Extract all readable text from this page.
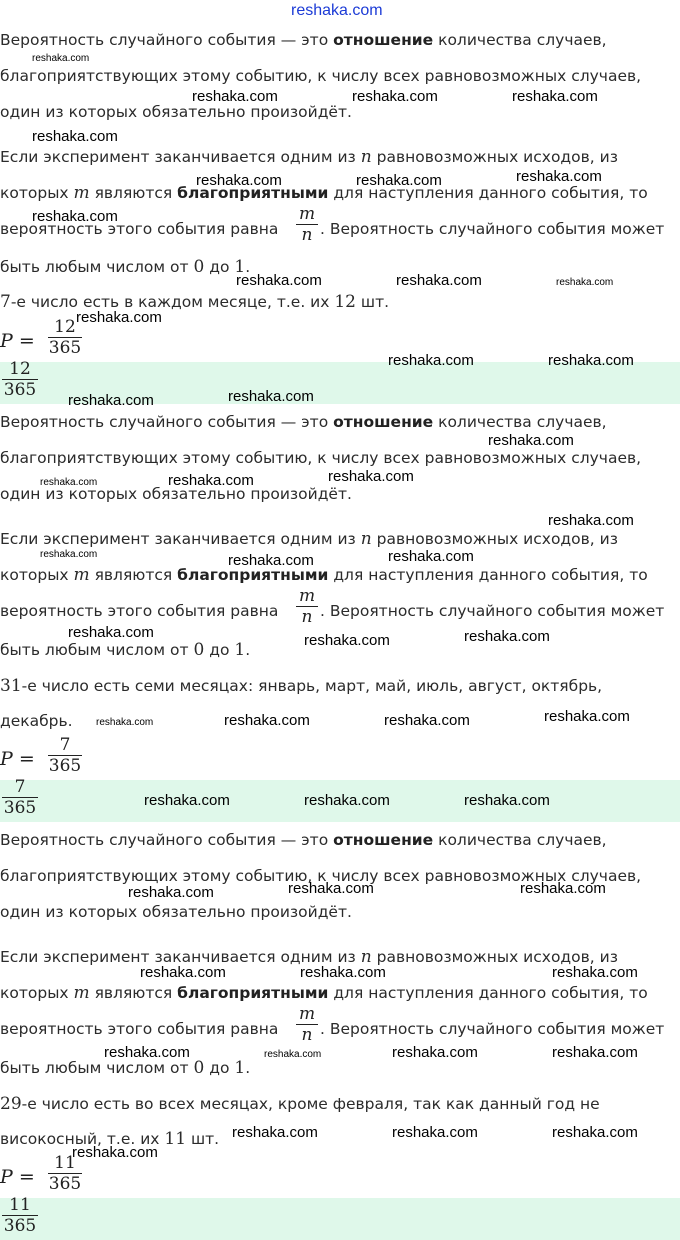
reshaka.com
Вероятность случайного события — это отношение количества случаев,
благоприятствующих этому событию, к числу всех равновозможных случаев,
один из которых обязательно произойдёт.
Если эксперимент заканчивается одним из n равновозможных исходов, из
которых m являются благоприятными для наступления данного события, то
вероятность этого события равна
m
n . Вероятность случайного события может
быть любым числом от 0 до 1.
7-е число есть в каждом месяце, т.е. их 12 шт.
P =
12
365
12
365
Вероятность случайного события — это отношение количества случаев,
благоприятствующих этому событию, к числу всех равновозможных случаев,
один из которых обязательно произойдёт.
Если эксперимент заканчивается одним из n равновозможных исходов, из
которых m являются благоприятными для наступления данного события, то
вероятность этого события равна
m
n . Вероятность случайного события может
быть любым числом от 0 до 1.
31-е число есть семи месяцах: январь, март, май, июль, август, октябрь,
декабрь.
P =
7
365
7
365
Вероятность случайного события — это отношение количества случаев,
благоприятствующих этому событию, к числу всех равновозможных случаев,
один из которых обязательно произойдёт.
Если эксперимент заканчивается одним из n равновозможных исходов, из
которых m являются благоприятными для наступления данного события, то
вероятность этого события равна
m
n . Вероятность случайного события может
быть любым числом от 0 до 1.
29-е число есть во всех месяцах, кроме февраля, так как данный год не
високосный, т.е. их 11 шт.
P =
11
365
11
365
reshaka.com
reshaka.com	reshaka.com	reshaka.com
reshaka.com
reshaka.com	reshaka.com	reshaka.com
reshaka.com
reshaka.com	reshaka.com	reshaka.com
reshaka.com
reshaka.com	reshaka.com
reshaka.com	reshaka.com
reshaka.com
reshaka.com	reshaka.com	reshaka.com
reshaka.com
reshaka.com	reshaka.com	reshaka.com
reshaka.com	reshaka.com	reshaka.com
reshaka.com	reshaka.com	reshaka.com	reshaka.com
reshaka.com	reshaka.com	reshaka.com
reshaka.com	reshaka.com	reshaka.com
reshaka.com	reshaka.com	reshaka.com
reshaka.com	reshaka.com	reshaka.com	reshaka.com
reshaka.com	reshaka.com	reshaka.com
reshaka.com
